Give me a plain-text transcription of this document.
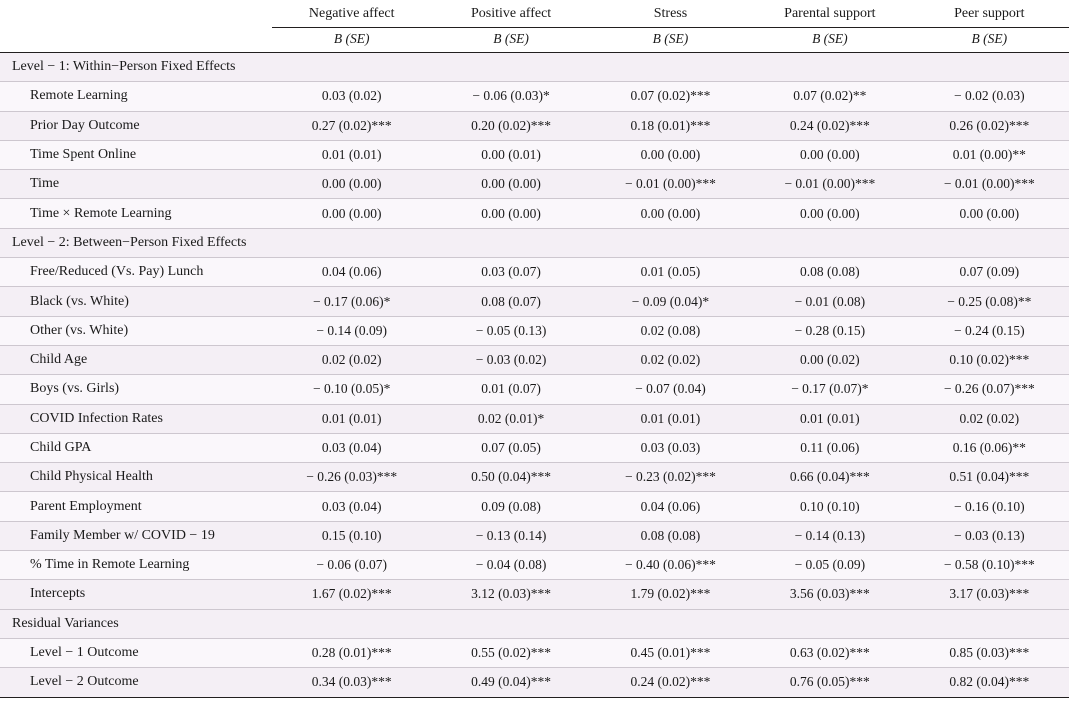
	Negative affect	Positive affect	Stress	Parental support	Peer support
	B (SE)	B (SE)	B (SE)	B (SE)	B (SE)
Level − 1: Within−Person Fixed Effects					
Remote Learning	0.03 (0.02)	− 0.06 (0.03)*	0.07 (0.02)***	0.07 (0.02)**	− 0.02 (0.03)
Prior Day Outcome	0.27 (0.02)***	0.20 (0.02)***	0.18 (0.01)***	0.24 (0.02)***	0.26 (0.02)***
Time Spent Online	0.01 (0.01)	0.00 (0.01)	0.00 (0.00)	0.00 (0.00)	0.01 (0.00)**
Time	0.00 (0.00)	0.00 (0.00)	− 0.01 (0.00)***	− 0.01 (0.00)***	− 0.01 (0.00)***
Time × Remote Learning	0.00 (0.00)	0.00 (0.00)	0.00 (0.00)	0.00 (0.00)	0.00 (0.00)
Level − 2: Between−Person Fixed Effects					
Free/Reduced (Vs. Pay) Lunch	0.04 (0.06)	0.03 (0.07)	0.01 (0.05)	0.08 (0.08)	0.07 (0.09)
Black (vs. White)	− 0.17 (0.06)*	0.08 (0.07)	− 0.09 (0.04)*	− 0.01 (0.08)	− 0.25 (0.08)**
Other (vs. White)	− 0.14 (0.09)	− 0.05 (0.13)	0.02 (0.08)	− 0.28 (0.15)	− 0.24 (0.15)
Child Age	0.02 (0.02)	− 0.03 (0.02)	0.02 (0.02)	0.00 (0.02)	0.10 (0.02)***
Boys (vs. Girls)	− 0.10 (0.05)*	0.01 (0.07)	− 0.07 (0.04)	− 0.17 (0.07)*	− 0.26 (0.07)***
COVID Infection Rates	0.01 (0.01)	0.02 (0.01)*	0.01 (0.01)	0.01 (0.01)	0.02 (0.02)
Child GPA	0.03 (0.04)	0.07 (0.05)	0.03 (0.03)	0.11 (0.06)	0.16 (0.06)**
Child Physical Health	− 0.26 (0.03)***	0.50 (0.04)***	− 0.23 (0.02)***	0.66 (0.04)***	0.51 (0.04)***
Parent Employment	0.03 (0.04)	0.09 (0.08)	0.04 (0.06)	0.10 (0.10)	− 0.16 (0.10)
Family Member w/ COVID − 19	0.15 (0.10)	− 0.13 (0.14)	0.08 (0.08)	− 0.14 (0.13)	− 0.03 (0.13)
% Time in Remote Learning	− 0.06 (0.07)	− 0.04 (0.08)	− 0.40 (0.06)***	− 0.05 (0.09)	− 0.58 (0.10)***
Intercepts	1.67 (0.02)***	3.12 (0.03)***	1.79 (0.02)***	3.56 (0.03)***	3.17 (0.03)***
Residual Variances					
Level − 1 Outcome	0.28 (0.01)***	0.55 (0.02)***	0.45 (0.01)***	0.63 (0.02)***	0.85 (0.03)***
Level − 2 Outcome	0.34 (0.03)***	0.49 (0.04)***	0.24 (0.02)***	0.76 (0.05)***	0.82 (0.04)***
